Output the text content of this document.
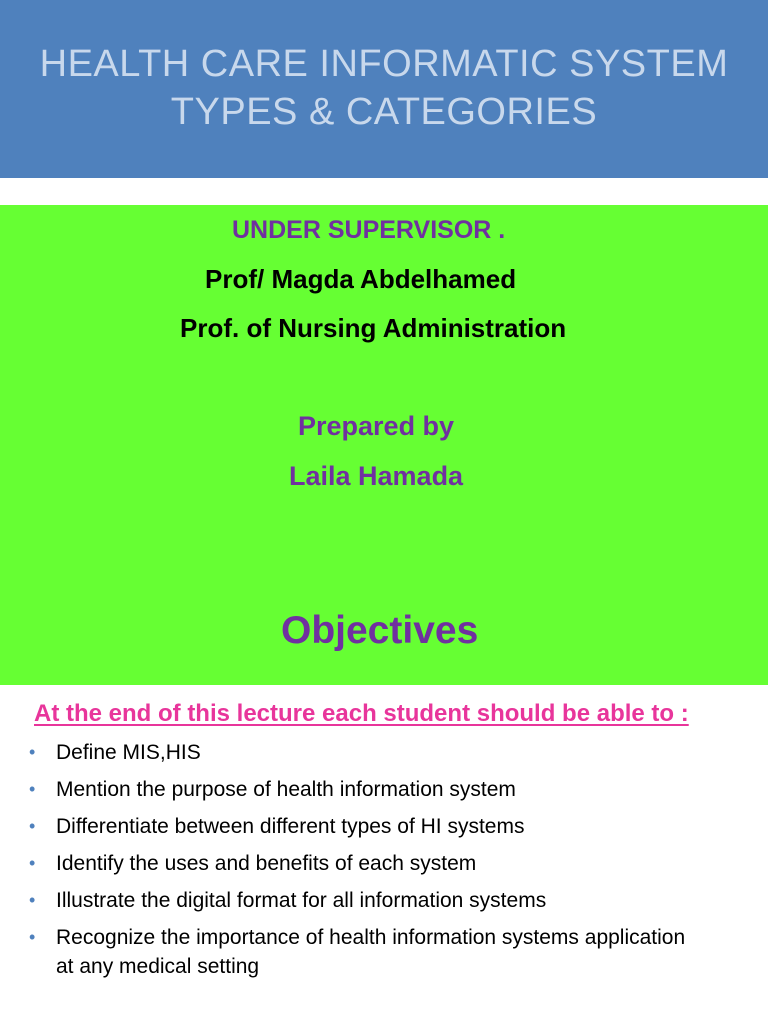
HEALTH CARE INFORMATIC SYSTEM
TYPES & CATEGORIES
UNDER SUPERVISOR .
Prof/ Magda Abdelhamed
Prof. of Nursing Administration
Prepared by
Laila Hamada
Objectives
At the end of this lecture each student should be able to :
• Define MIS,HIS
• Mention the purpose of health information system
• Differentiate between different types of HI systems
• Identify the uses and benefits of each system
• Illustrate the digital format for all information systems
• Recognize the importance of health information systems application at any medical setting
